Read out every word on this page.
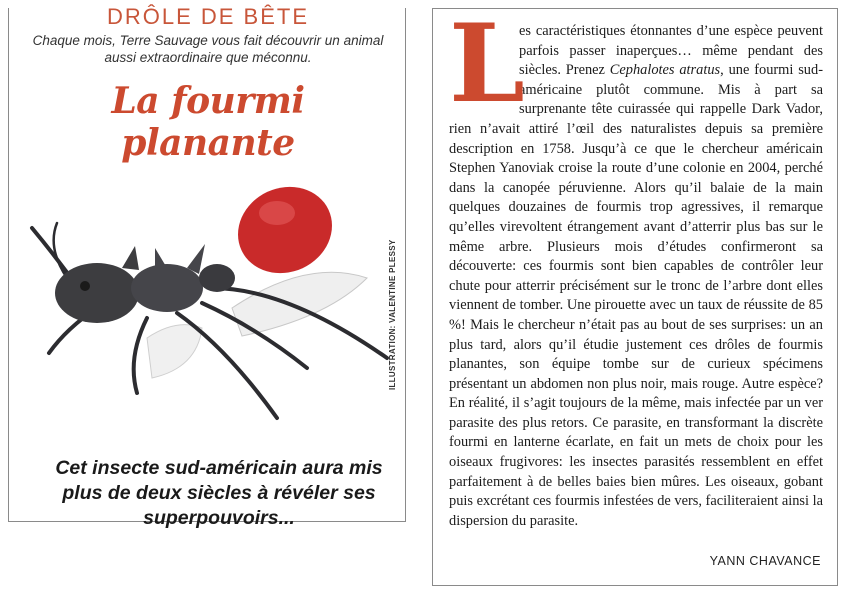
DRÔLE DE BÊTE
Chaque mois, Terre Sauvage vous fait découvrir un animal aussi extraordinaire que méconnu.
La fourmi
planante
Cet insecte sud-américain aura mis plus de deux siècles à révéler ses superpouvoirs...
ILLUSTRATION: VALENTINE PLESSY
es caractéristiques étonnantes d’une espèce peuvent parfois passer inaperçues… même pendant des siècles. Prenez Cephalotes atratus, une fourmi sud-américaine plutôt commune. Mis à part sa surprenante tête cuirassée qui rappelle Dark Vador, rien n’avait attiré l’œil des naturalistes depuis sa première description en 1758. Jusqu’à ce que le chercheur américain Stephen Yanoviak croise la route d’une colonie en 2004, perché dans la canopée péruvienne. Alors qu’il balaie de la main quelques douzaines de fourmis trop agressives, il remarque qu’elles virevoltent étrangement avant d’atterrir plus bas sur le même arbre. Plusieurs mois d’études confirmeront sa découverte: ces fourmis sont bien capables de contrôler leur chute pour atterrir précisément sur le tronc de l’arbre dont elles viennent de tomber. Une pirouette avec un taux de réussite de 85 %! Mais le chercheur n’était pas au bout de ses surprises: un an plus tard, alors qu’il étudie justement ces drôles de fourmis planantes, son équipe tombe sur de curieux spécimens présentant un abdomen non plus noir, mais rouge. Autre espèce? En réalité, il s’agit toujours de la même, mais infectée par un ver parasite des plus retors. Ce parasite, en transformant la discrète fourmi en lanterne écarlate, en fait un mets de choix pour les oiseaux frugivores: les insectes parasités ressemblent en effet parfaitement à de belles baies bien mûres. Les oiseaux, gobant puis excrétant ces fourmis infestées de vers, faciliteraient ainsi la dispersion du parasite.
L
YANN CHAVANCE
